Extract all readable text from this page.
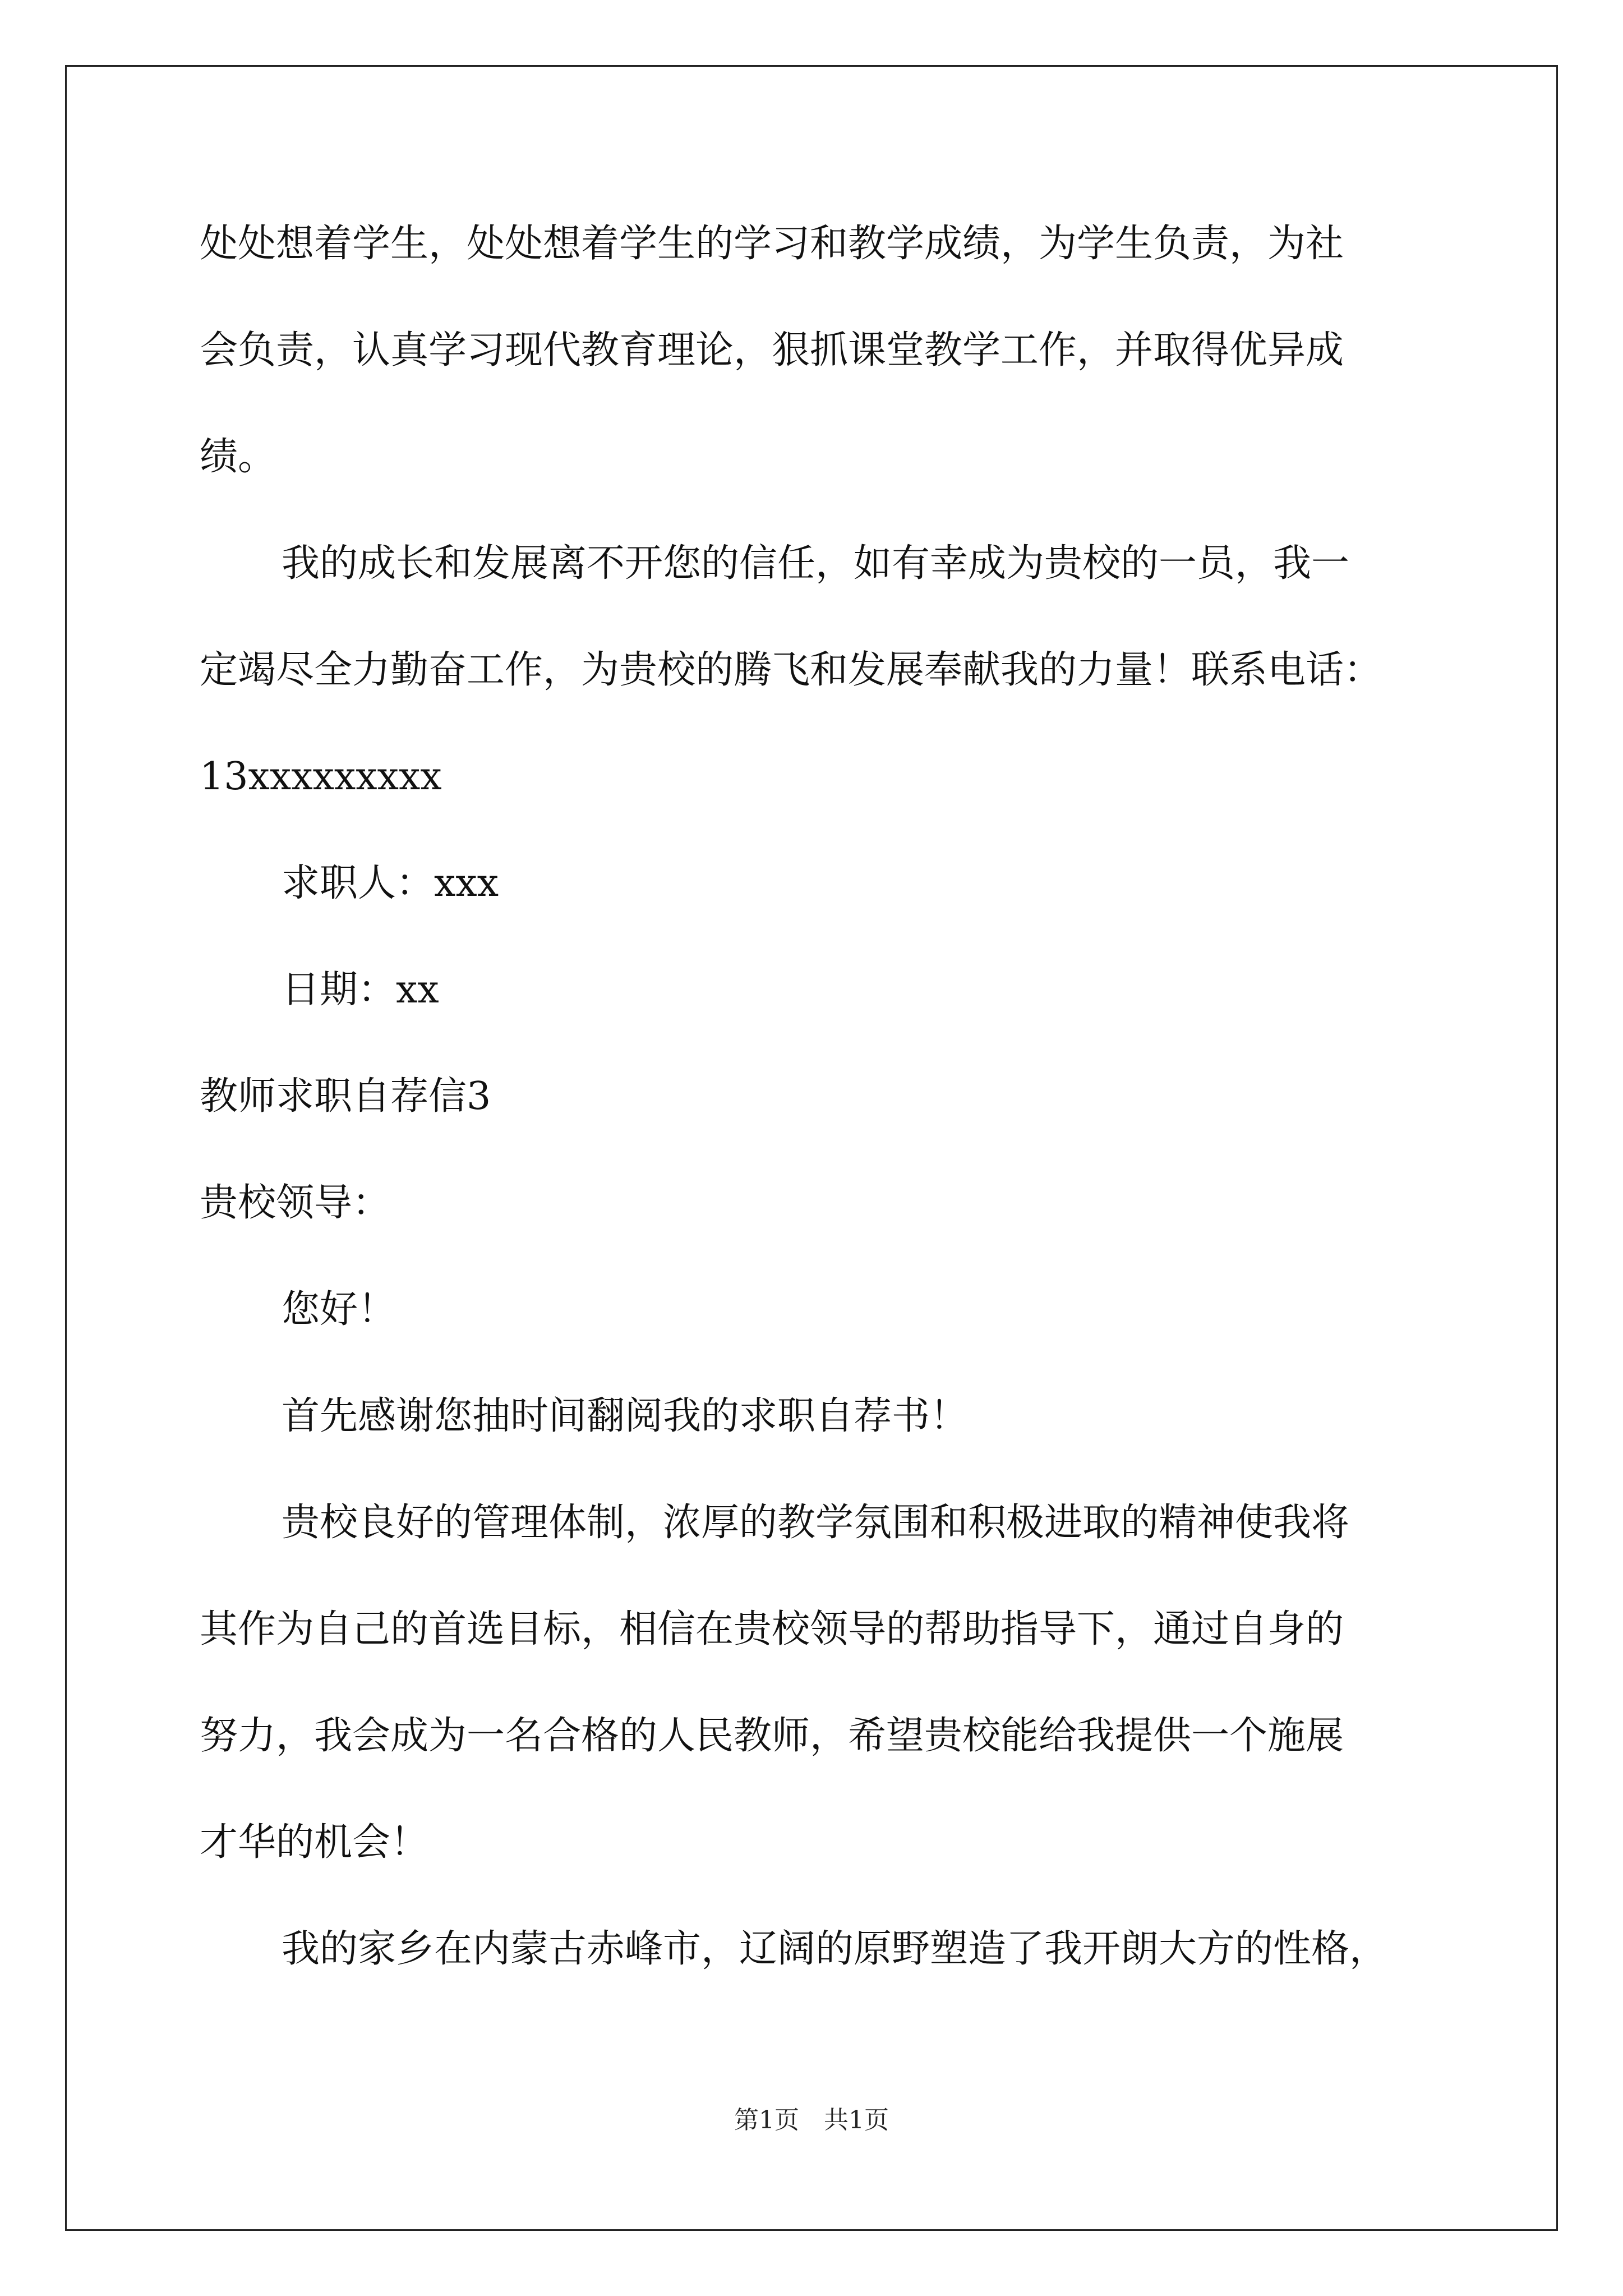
处处想着学生，处处想着学生的学习和教学成绩，为学生负责，为社
会负责，认真学习现代教育理论，狠抓课堂教学工作，并取得优异成
绩。
我的成长和发展离不开您的信任，如有幸成为贵校的一员，我一
定竭尽全力勤奋工作，为贵校的腾飞和发展奉献我的力量！联系电话：
13xxxxxxxxx
求职人：xxx
日期：xx
教师求职自荐信3
贵校领导：
您好！
首先感谢您抽时间翻阅我的求职自荐书！
贵校良好的管理体制，浓厚的教学氛围和积极进取的精神使我将
其作为自己的首选目标，相信在贵校领导的帮助指导下，通过自身的
努力，我会成为一名合格的人民教师，希望贵校能给我提供一个施展
才华的机会！
我的家乡在内蒙古赤峰市，辽阔的原野塑造了我开朗大方的性格，
第1页　共1页
